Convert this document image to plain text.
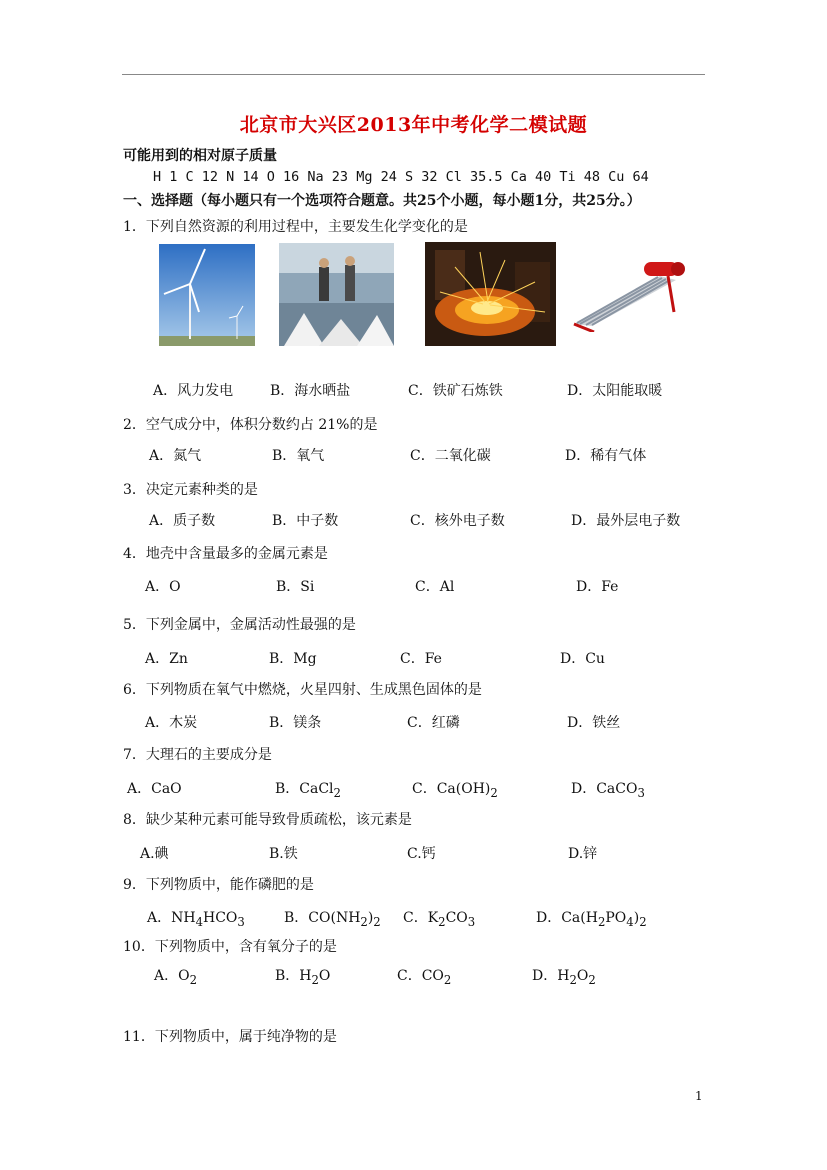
北京市大兴区2013年中考化学二模试题
可能用到的相对原子质量
H 1 C 12 N 14 O 16 Na 23 Mg 24 S 32 Cl 35.5 Ca 40 Ti 48 Cu 64
一、选择题（每小题只有一个选项符合题意。共25个小题，每小题1分，共25分。）
1．下列自然资源的利用过程中，主要发生化学变化的是
A．风力发电	B．海水晒盐	C．铁矿石炼铁	D．太阳能取暖
2．空气成分中，体积分数约占 21%的是
A．氮气	B．氧气	C．二氧化碳	D．稀有气体
3．决定元素种类的是
A．质子数	B．中子数	C．核外电子数	D．最外层电子数
4．地壳中含量最多的金属元素是
A．O	B．Si	C．Al	D．Fe
5．下列金属中，金属活动性最强的是
A．Zn	B．Mg	C．Fe	D．Cu
6．下列物质在氧气中燃烧，火星四射、生成黑色固体的是
A．木炭	B．镁条	C．红磷	D．铁丝
7．大理石的主要成分是
A．CaO	B．CaCl$_2$	C．$Ca(OH)_2$	D．CaCO$_3$
8．缺少某种元素可能导致骨质疏松，该元素是
A.碘	B.铁	C.钙	D.锌
9．下列物质中，能作磷肥的是
A．$NH_4HCO_3$	B．$CO(NH_2)_2$ C．$K_2CO_3$	D．$Ca(H_2PO_4)_2$
10．下列物质中，含有氧分子的是
A．$O_2$	B．$H_2O$	C．$CO_2$	D．$H_2O_2$
11．下列物质中，属于纯净物的是
1
